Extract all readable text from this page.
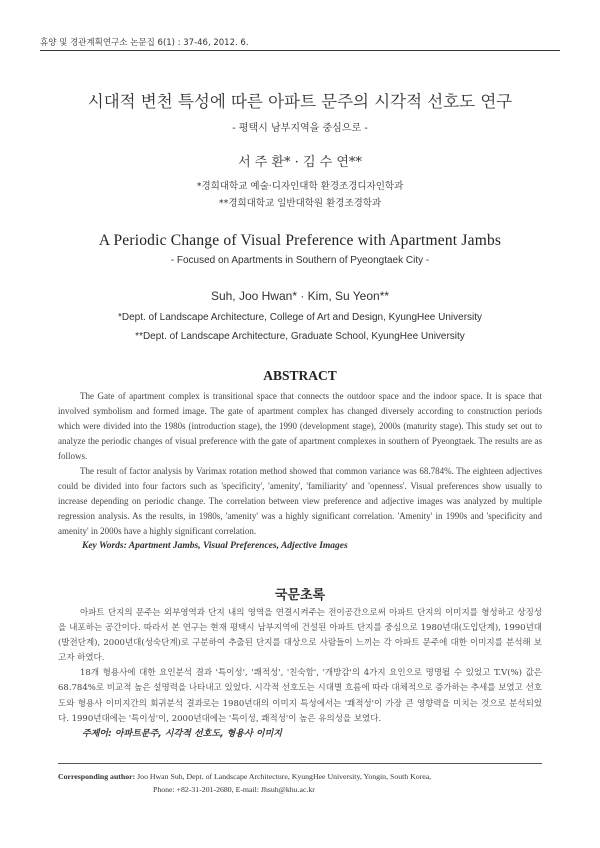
휴양 및 경관계획연구소 논문집 6(1) : 37-46, 2012. 6.
시대적 변천 특성에 따른 아파트 문주의 시각적 선호도 연구
- 평택시 남부지역을 중심으로 -
서 주 환* · 김 수 연**
*경희대학교 예술·디자인대학 환경조경디자인학과
**경희대학교 일반대학원 환경조경학과
A Periodic Change of Visual Preference with Apartment Jambs
- Focused on Apartments in Southern of Pyeongtaek City -
Suh, Joo Hwan* · Kim, Su Yeon**
*Dept. of Landscape Architecture, College of Art and Design, KyungHee University
**Dept. of Landscape Architecture, Graduate School, KyungHee University
ABSTRACT

The Gate of apartment complex is transitional space that connects the outdoor space and the indoor space. It is space that involved symbolism and formed image. The gate of apartment complex has changed diversely according to construction periods which were divided into the 1980s (introduction stage), the 1990 (development stage), 2000s (maturity stage). This study set out to analyze the periodic changes of visual preference with the gate of apartment complexes in southern of Pyeongtaek. The results are as follows.

The result of factor analysis by Varimax rotation method showed that common variance was 68.784%. The eighteen adjectives could be divided into four factors such as 'specificity', 'amenity', 'familiarity' and 'openness'. Visual preferences show usually to increase depending on periodic change. The correlation between view preference and adjective images was analyzed by multiple regression analysis. As the results, in 1980s, 'amenity' was a highly significant correlation. 'Amenity' in 1990s and 'specificity and amenity' in 2000s have a highly significant correlation.

Key Words: Apartment Jambs, Visual Preferences, Adjective Images

국문초록

아파트 단지의 문주는 외부영역과 단지 내의 영역을 연결시켜주는 전이공간으로써 아파트 단지의 이미지를 형성하고 상징성을 내포하는 공간이다. 따라서 본 연구는 현재 평택시 남부지역에 건설된 아파트 단지를 중심으로 1980년대(도입단계), 1990년대(발전단계), 2000년대(성숙단계)로 구분하여 추출된 단지를 대상으로 사람들이 느끼는 각 아파트 문주에 대한 이미지를 분석해 보고자 하였다.

18개 형용사에 대한 요인분석 결과 '특이성', '쾌적성', '친숙함', '개방감'의 4가지 요인으로 명명될 수 있었고 T.V(%) 값은 68.784%로 비교적 높은 설명력을 나타내고 있었다. 시각적 선호도는 시대별 흐름에 따라 대체적으로 증가하는 추세를 보였고 선호도와 형용사 이미지간의 회귀분석 결과로는 1980년대의 이미지 특성에서는 '쾌적성'이 가장 큰 영향력을 미치는 것으로 분석되었다. 1990년대에는 '특이성'이, 2000년대에는 '특이성, 쾌적성'이 높은 유의성을 보였다.

주제어: 아파트문주, 시각적 선호도, 형용사 이미지

Corresponding author: Joo Hwan Suh, Dept. of Landscape Architecture, KyungHee University, Yongin, South Korea,
Phone: +82-31-201-2680, E-mail: Jhsuh@khu.ac.kr
